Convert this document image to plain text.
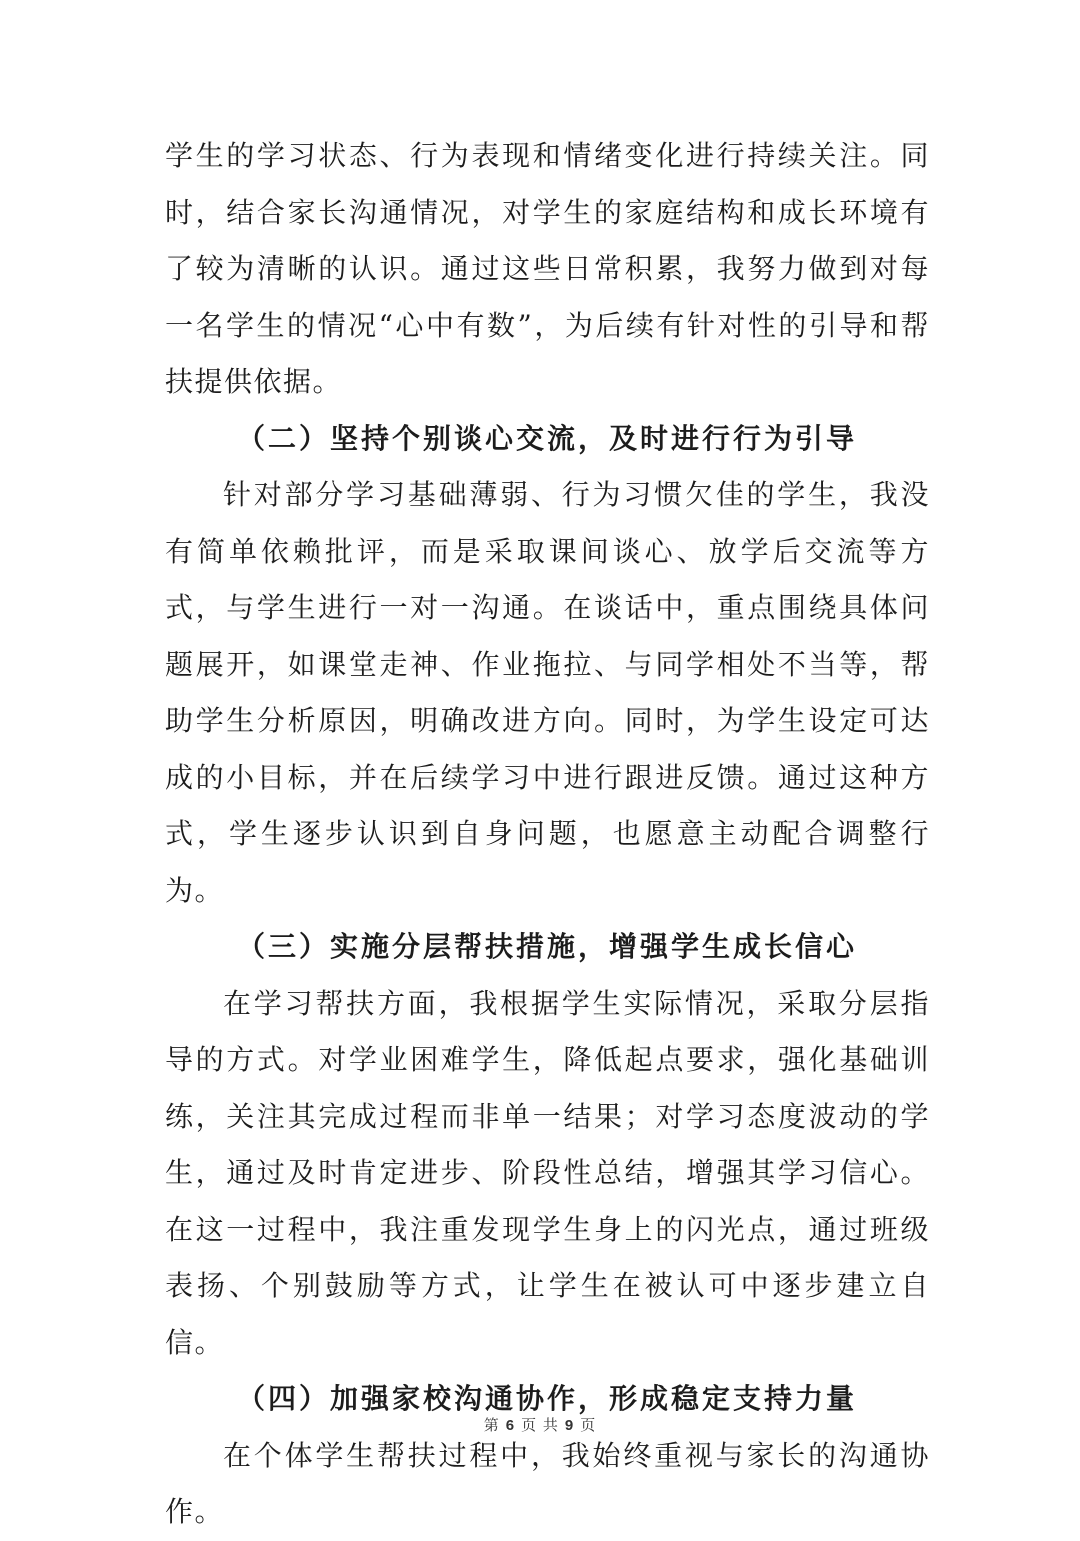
学生的学习状态、行为表现和情绪变化进行持续关注。同时，结合家长沟通情况，对学生的家庭结构和成长环境有了较为清晰的认识。通过这些日常积累，我努力做到对每一名学生的情况“心中有数”，为后续有针对性的引导和帮扶提供依据。

（二）坚持个别谈心交流，及时进行行为引导

针对部分学习基础薄弱、行为习惯欠佳的学生，我没有简单依赖批评，而是采取课间谈心、放学后交流等方式，与学生进行一对一沟通。在谈话中，重点围绕具体问题展开，如课堂走神、作业拖拉、与同学相处不当等，帮助学生分析原因，明确改进方向。同时，为学生设定可达成的小目标，并在后续学习中进行跟进反馈。通过这种方式，学生逐步认识到自身问题，也愿意主动配合调整行为。

（三）实施分层帮扶措施，增强学生成长信心

在学习帮扶方面，我根据学生实际情况，采取分层指导的方式。对学业困难学生，降低起点要求，强化基础训练，关注其完成过程而非单一结果；对学习态度波动的学生，通过及时肯定进步、阶段性总结，增强其学习信心。在这一过程中，我注重发现学生身上的闪光点，通过班级表扬、个别鼓励等方式，让学生在被认可中逐步建立自信。

（四）加强家校沟通协作，形成稳定支持力量

在个体学生帮扶过程中，我始终重视与家长的沟通协作。

第 6 页 共 9 页
